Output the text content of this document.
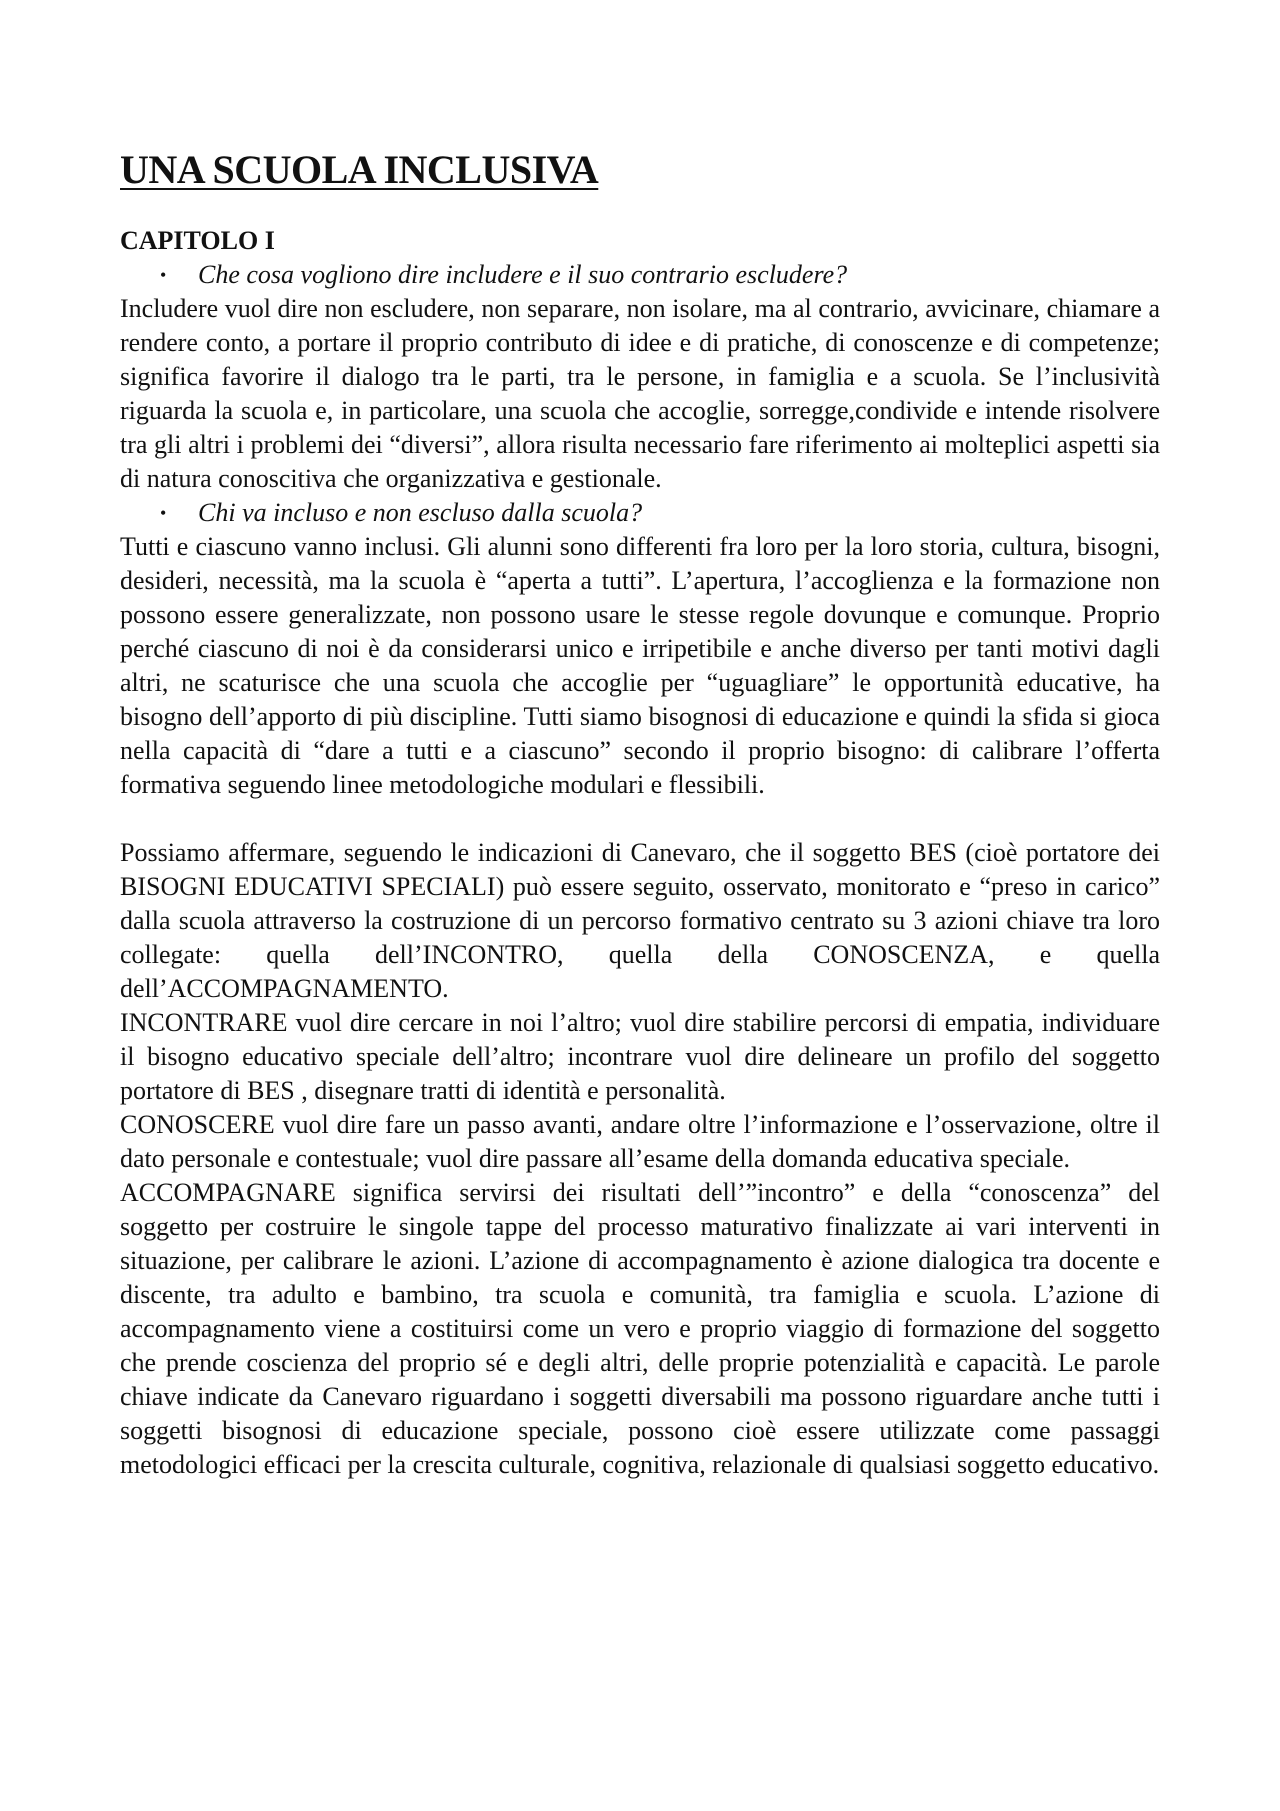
UNA SCUOLA INCLUSIVA

CAPITOLO I

• Che cosa vogliono dire includere e il suo contrario escludere?

Includere vuol dire non escludere, non separare, non isolare, ma al contrario, avvicinare, chiamare a rendere conto, a portare il proprio contributo di idee e di pratiche, di conoscenze e di competenze; significa favorire il dialogo tra le parti, tra le persone, in famiglia e a scuola. Se l’inclusività riguarda la scuola e, in particolare, una scuola che accoglie, sorregge,condivide e intende risolvere tra gli altri i problemi dei “diversi”, allora risulta necessario fare riferimento ai molteplici aspetti sia di natura conoscitiva che organizzativa e gestionale.

• Chi va incluso e non escluso dalla scuola?

Tutti e ciascuno vanno inclusi. Gli alunni sono differenti fra loro per la loro storia, cultura, bisogni, desideri, necessità, ma la scuola è “aperta a tutti”. L’apertura, l’accoglienza e la formazione non possono essere generalizzate, non possono usare le stesse regole dovunque e comunque. Proprio perché ciascuno di noi è da considerarsi unico e irripetibile e anche diverso per tanti motivi dagli altri, ne scaturisce che una scuola che accoglie per “uguagliare” le opportunità educative, ha bisogno dell’apporto di più discipline. Tutti siamo bisognosi di educazione e quindi la sfida si gioca nella capacità di “dare a tutti e a ciascuno” secondo il proprio bisogno: di calibrare l’offerta formativa seguendo linee metodologiche modulari e flessibili.

Possiamo affermare, seguendo le indicazioni di Canevaro, che il soggetto BES (cioè portatore dei BISOGNI EDUCATIVI SPECIALI) può essere seguito, osservato, monitorato e “preso in carico” dalla scuola attraverso la costruzione di un percorso formativo centrato su 3 azioni chiave tra loro collegate: quella dell’INCONTRO, quella della CONOSCENZA, e quella dell’ACCOMPAGNAMENTO.

INCONTRARE vuol dire cercare in noi l’altro; vuol dire stabilire percorsi di empatia, individuare il bisogno educativo speciale dell’altro; incontrare vuol dire delineare un profilo del soggetto portatore di BES , disegnare tratti di identità e personalità.

CONOSCERE vuol dire fare un passo avanti, andare oltre l’informazione e l’osservazione, oltre il dato personale e contestuale; vuol dire passare all’esame della domanda educativa speciale.

ACCOMPAGNARE significa servirsi dei risultati dell’”incontro” e della “conoscenza” del soggetto per costruire le singole tappe del processo maturativo finalizzate ai vari interventi in situazione, per calibrare le azioni. L’azione di accompagnamento è azione dialogica tra docente e discente, tra adulto e bambino, tra scuola e comunità, tra famiglia e scuola. L’azione di accompagnamento viene a costituirsi come un vero e proprio viaggio di formazione del soggetto che prende coscienza del proprio sé e degli altri, delle proprie potenzialità e capacità. Le parole chiave indicate da Canevaro riguardano i soggetti diversabili ma possono riguardare anche tutti i soggetti bisognosi di educazione speciale, possono cioè essere utilizzate come passaggi metodologici efficaci per la crescita culturale, cognitiva, relazionale di qualsiasi soggetto educativo.
